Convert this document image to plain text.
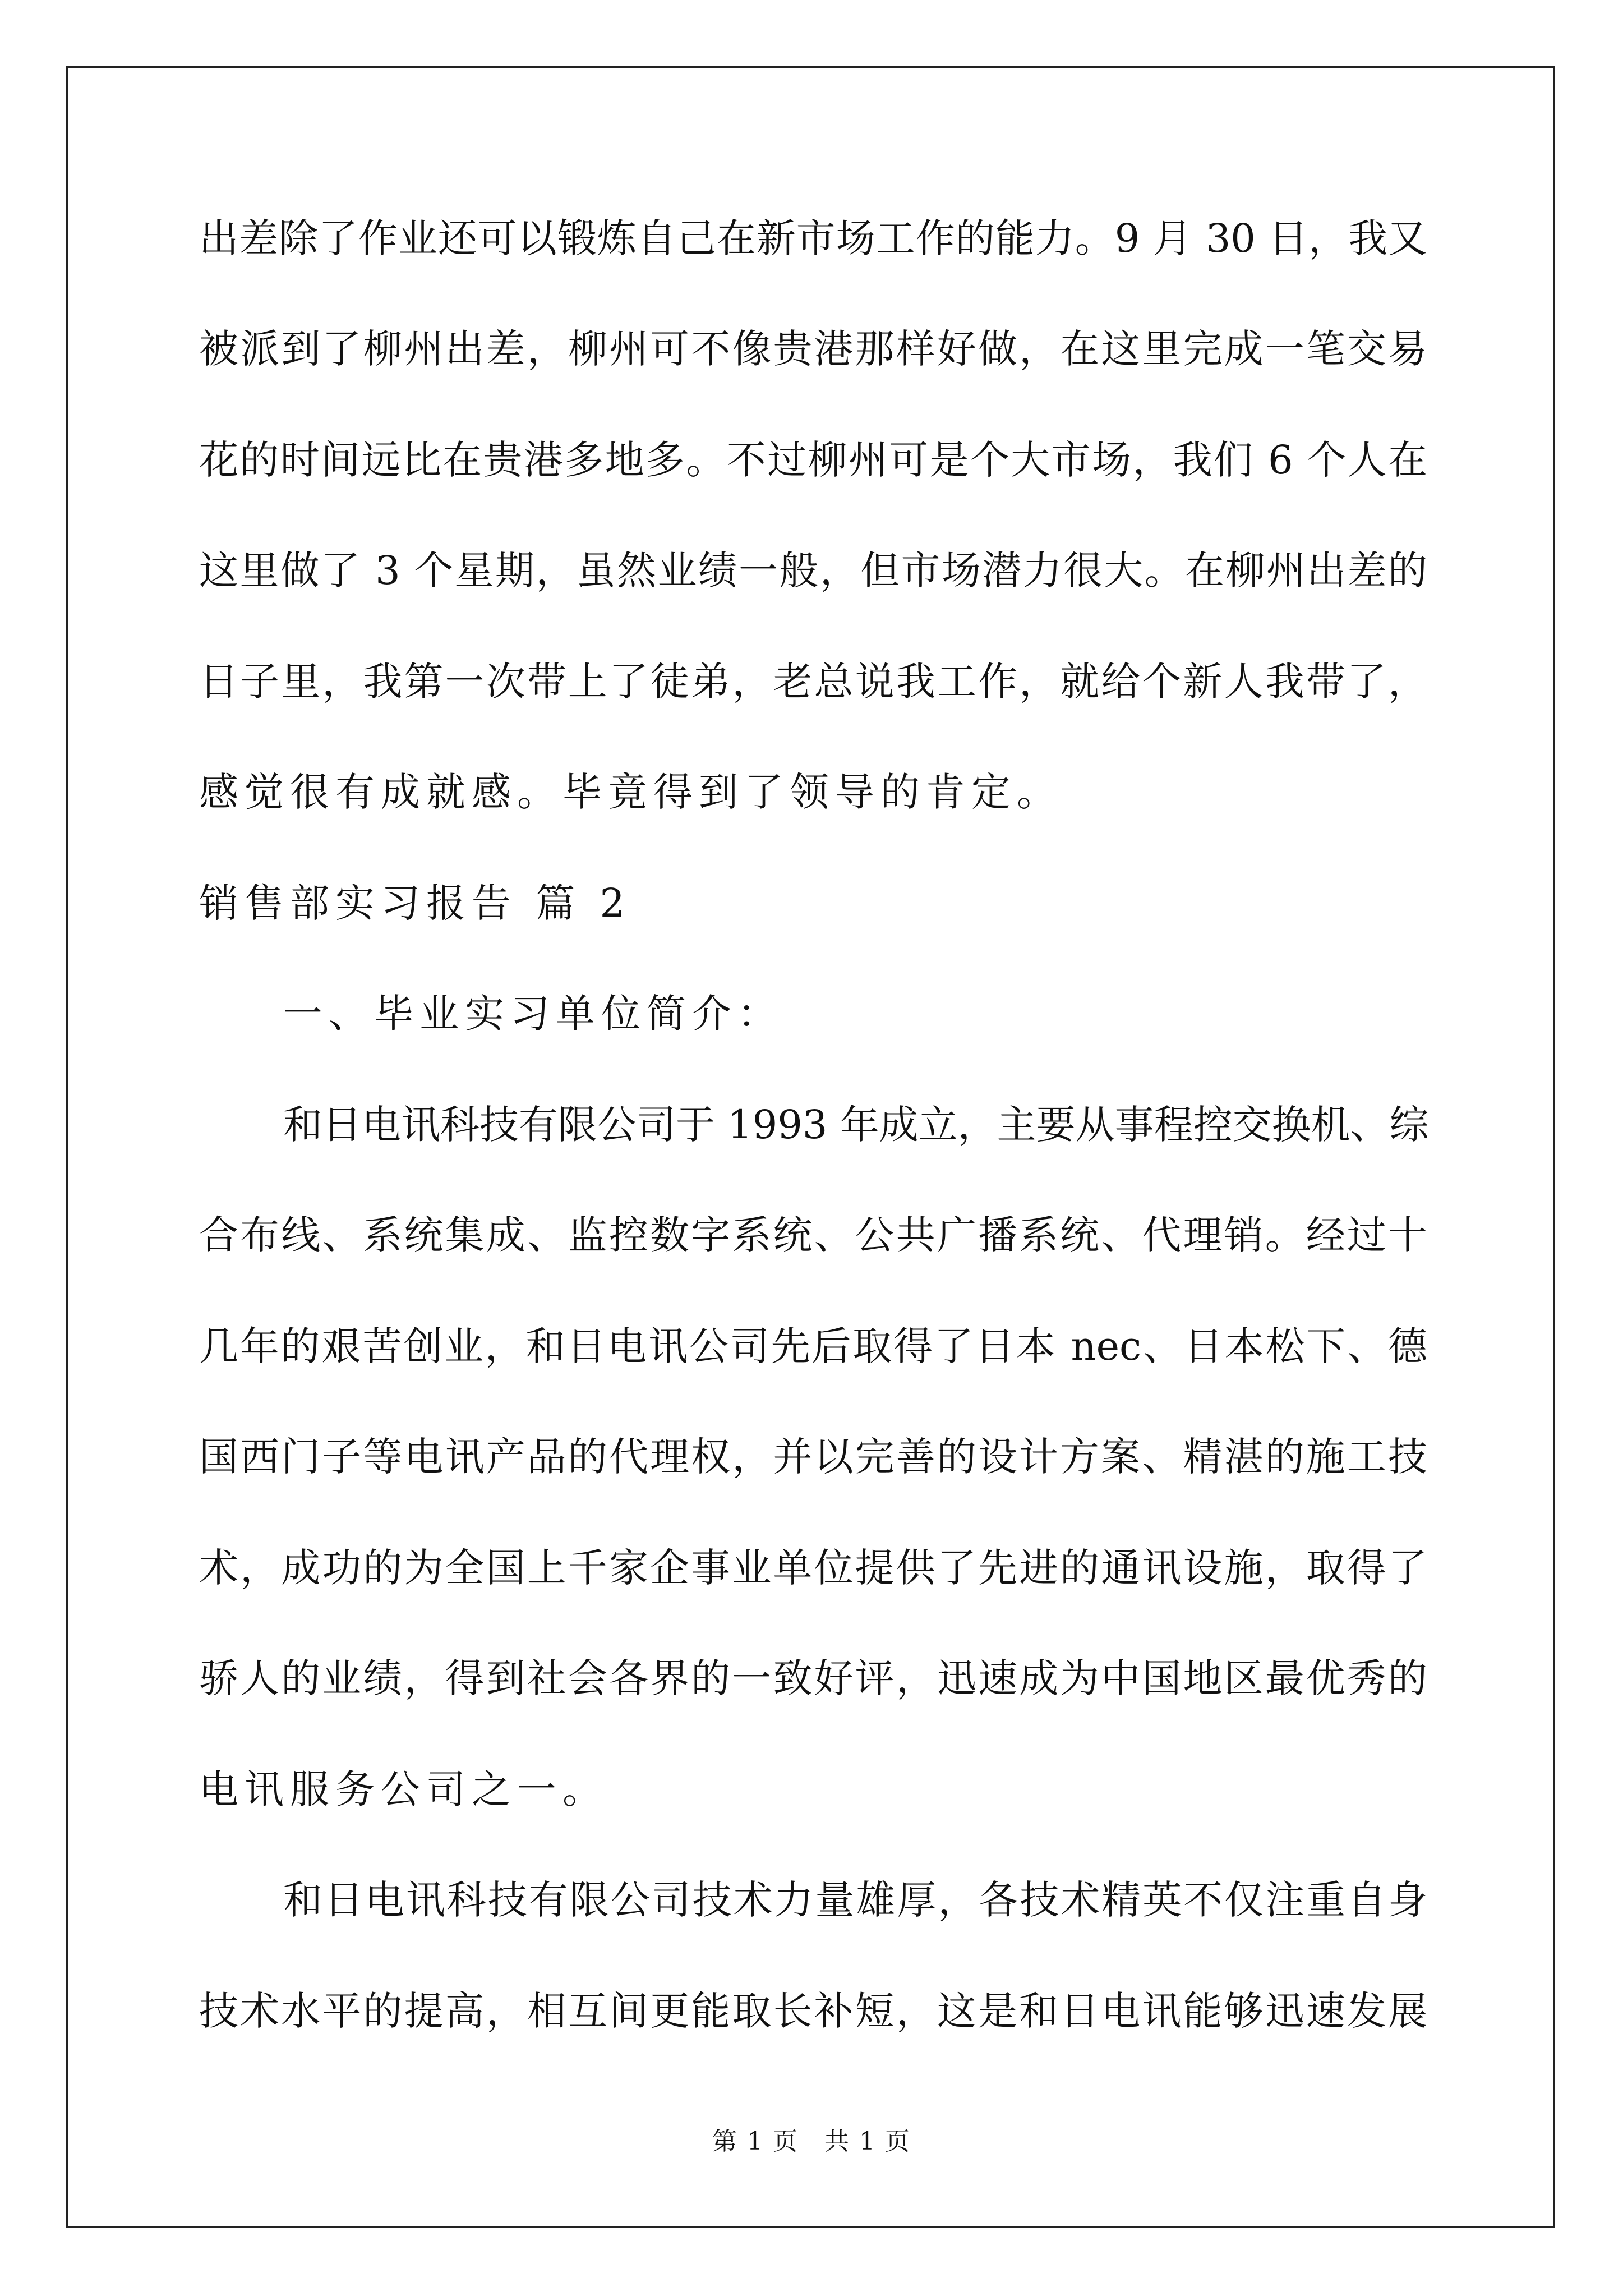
出差除了作业还可以锻炼自己在新市场工作的能力。9 月 30 日，我又
被派到了柳州出差，柳州可不像贵港那样好做，在这里完成一笔交易
花的时间远比在贵港多地多。不过柳州可是个大市场，我们 6 个人在
这里做了 3 个星期，虽然业绩一般，但市场潜力很大。在柳州出差的
日子里，我第一次带上了徒弟，老总说我工作，就给个新人我带了，
感觉很有成就感。毕竟得到了领导的肯定。
销售部实习报告 篇 2
一、毕业实习单位简介：
和日电讯科技有限公司于 1993 年成立，主要从事程控交换机、综
合布线、系统集成、监控数字系统、公共广播系统、代理销。经过十
几年的艰苦创业，和日电讯公司先后取得了日本 nec、日本松下、德
国西门子等电讯产品的代理权，并以完善的设计方案、精湛的施工技
术，成功的为全国上千家企事业单位提供了先进的通讯设施，取得了
骄人的业绩，得到社会各界的一致好评，迅速成为中国地区最优秀的
电讯服务公司之一。
和日电讯科技有限公司技术力量雄厚，各技术精英不仅注重自身
技术水平的提高，相互间更能取长补短，这是和日电讯能够迅速发展
第 1 页　共 1 页
